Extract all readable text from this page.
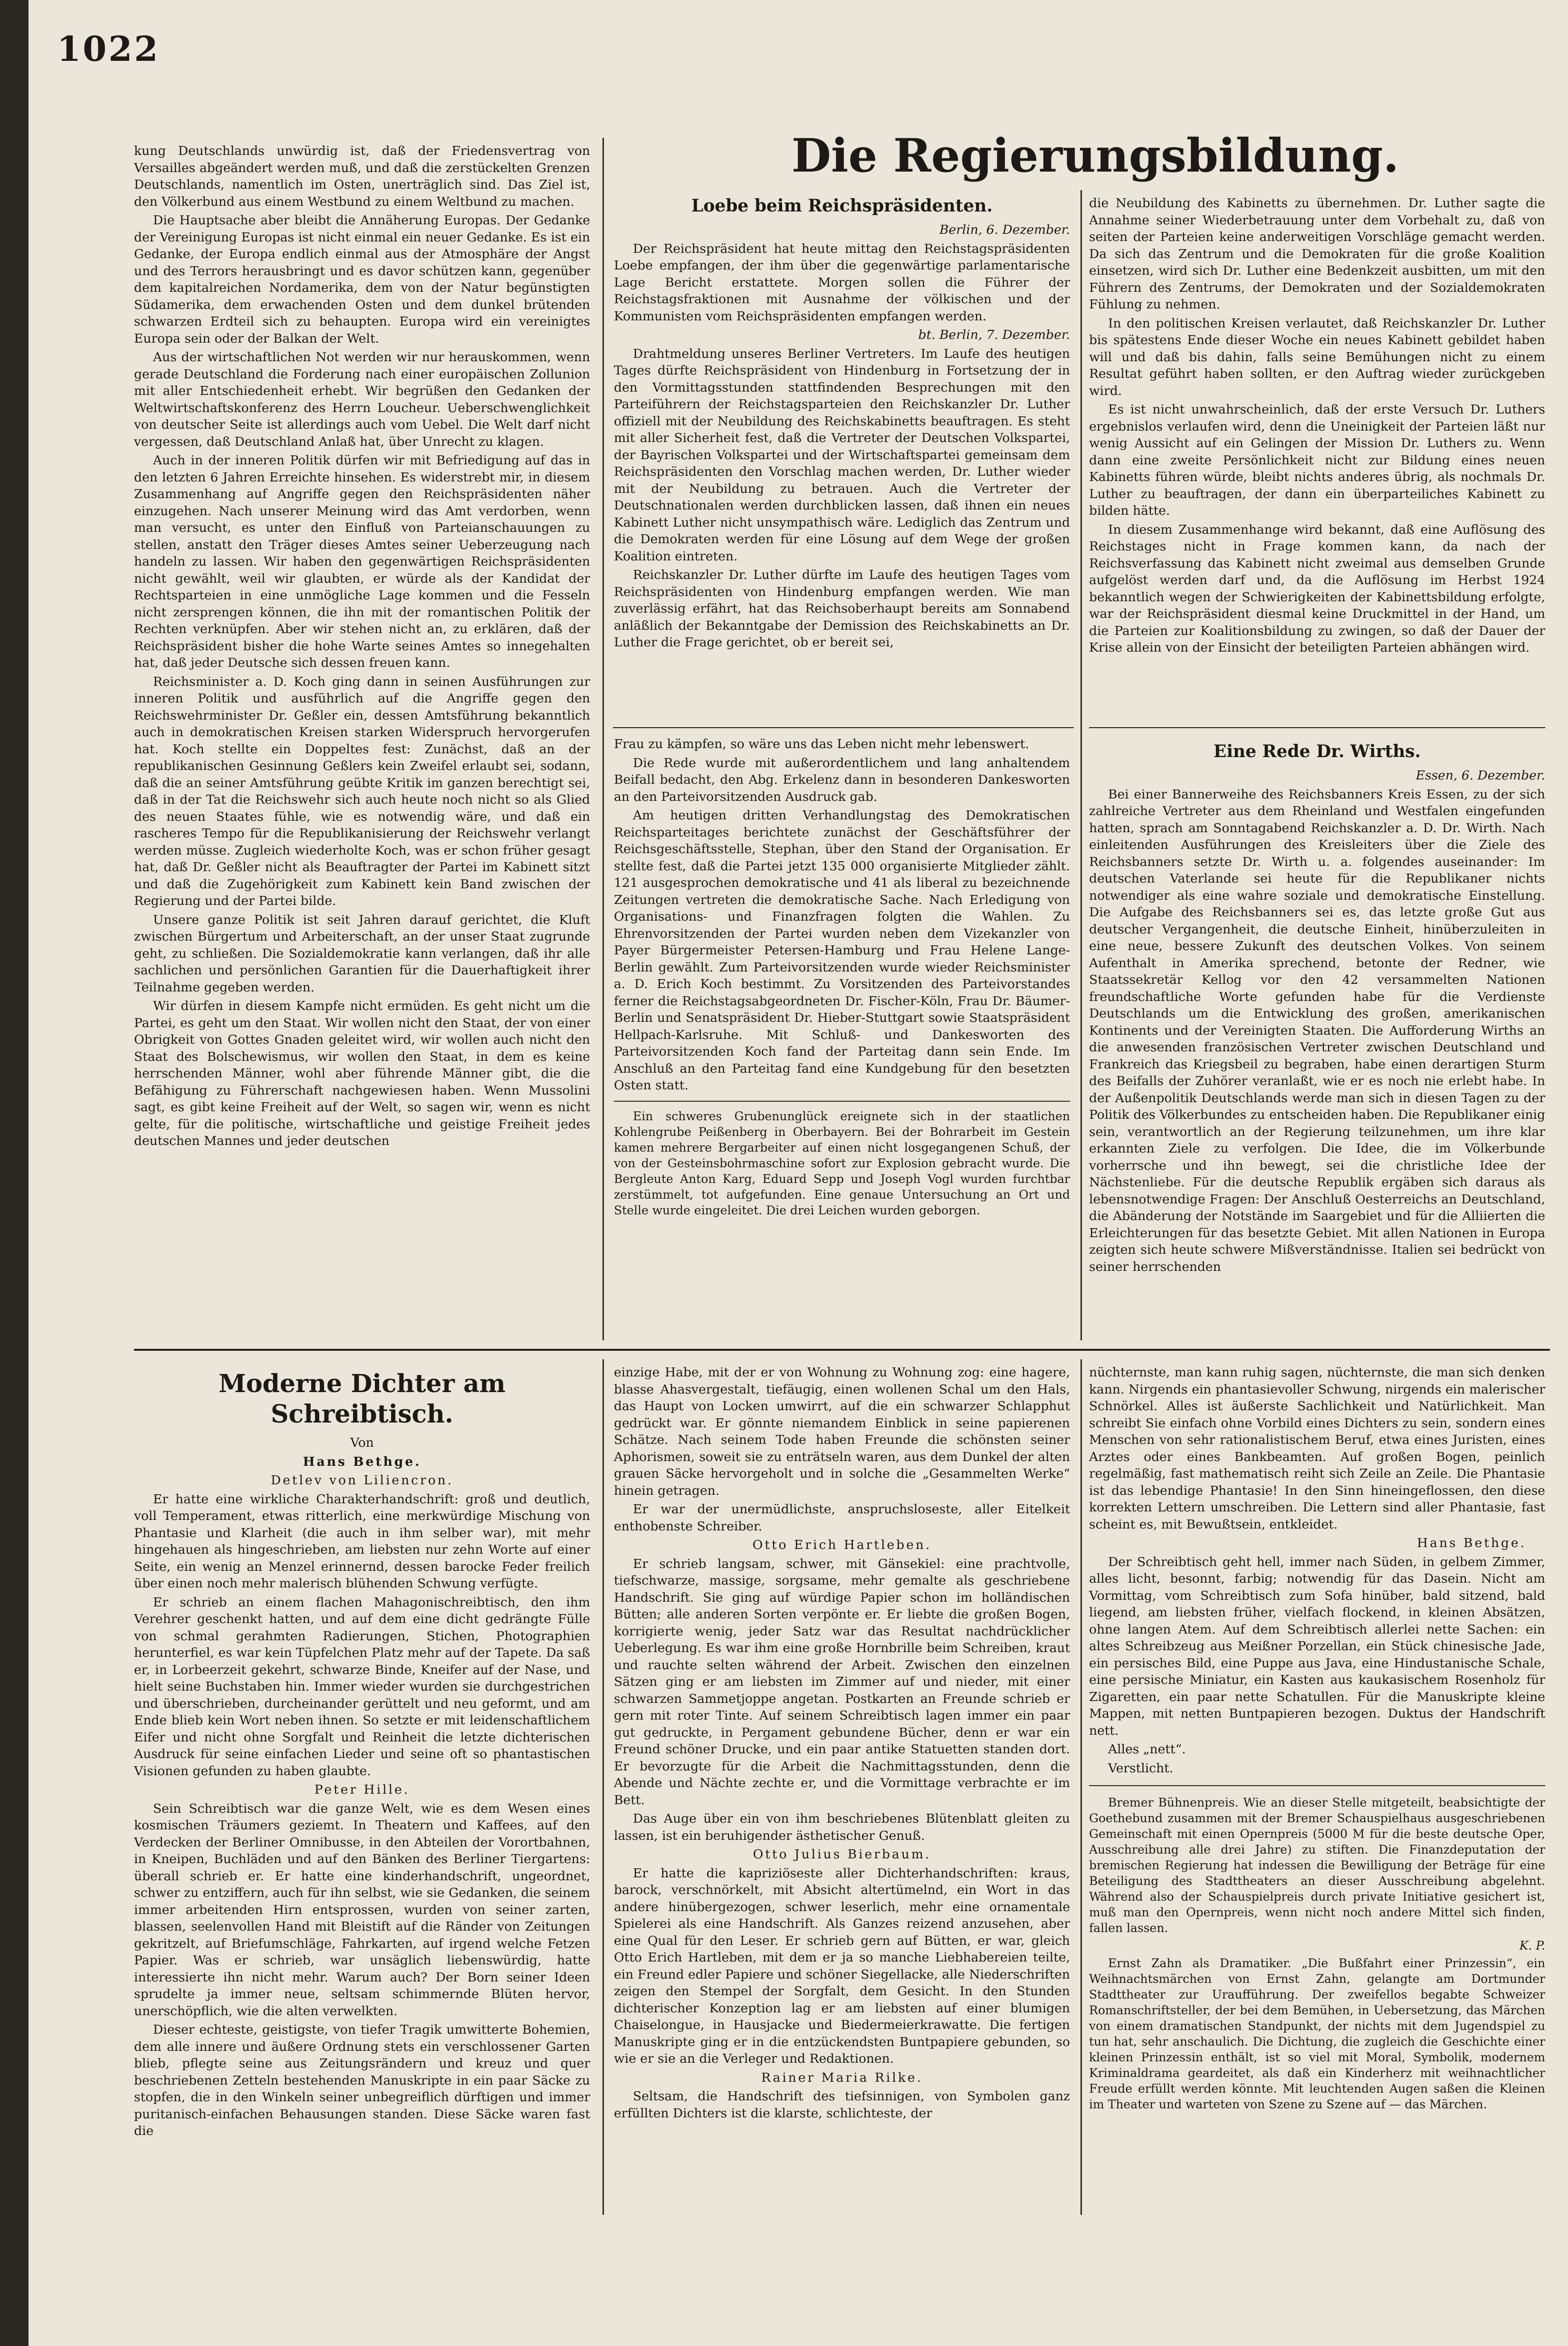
1022

kung Deutschlands unwürdig ist, daß der Friedensvertrag von Versailles abgeändert werden muß, und daß die zerstückelten Grenzen Deutschlands, namentlich im Osten, unerträglich sind. Das Ziel ist, den Völkerbund aus einem Westbund zu einem Weltbund zu machen.

Die Hauptsache aber bleibt die Annäherung Europas. Der Gedanke der Vereinigung Europas ist nicht einmal ein neuer Gedanke. Es ist ein Gedanke, der Europa endlich einmal aus der Atmosphäre der Angst und des Terrors herausbringt und es davor schützen kann, gegenüber dem kapitalreichen Nordamerika, dem von der Natur begünstigten Südamerika, dem erwachenden Osten und dem dunkel brütenden schwarzen Erdteil sich zu behaupten. Europa wird ein vereinigtes Europa sein oder der Balkan der Welt.

Aus der wirtschaftlichen Not werden wir nur herauskommen, wenn gerade Deutschland die Forderung nach einer europäischen Zollunion mit aller Entschiedenheit erhebt. Wir begrüßen den Gedanken der Weltwirtschaftskonferenz des Herrn Loucheur. Ueberschwenglichkeit von deutscher Seite ist allerdings auch vom Uebel. Die Welt darf nicht vergessen, daß Deutschland Anlaß hat, über Unrecht zu klagen.

Auch in der inneren Politik dürfen wir mit Befriedigung auf das in den letzten 6 Jahren Erreichte hinsehen. Es widerstrebt mir, in diesem Zusammenhang auf Angriffe gegen den Reichspräsidenten näher einzugehen. Nach unserer Meinung wird das Amt verdorben, wenn man versucht, es unter den Einfluß von Parteianschauungen zu stellen, anstatt den Träger dieses Amtes seiner Ueberzeugung nach handeln zu lassen. Wir haben den gegenwärtigen Reichspräsidenten nicht gewählt, weil wir glaubten, er würde als der Kandidat der Rechtsparteien in eine unmögliche Lage kommen und die Fesseln nicht zersprengen können, die ihn mit der romantischen Politik der Rechten verknüpfen. Aber wir stehen nicht an, zu erklären, daß der Reichspräsident bisher die hohe Warte seines Amtes so innegehalten hat, daß jeder Deutsche sich dessen freuen kann.

Reichsminister a. D. Koch ging dann in seinen Ausführungen zur inneren Politik und ausführlich auf die Angriffe gegen den Reichswehrminister Dr. Geßler ein, dessen Amtsführung bekanntlich auch in demokratischen Kreisen starken Widerspruch hervorgerufen hat. Koch stellte ein Doppeltes fest: Zunächst, daß an der republikanischen Gesinnung Geßlers kein Zweifel erlaubt sei, sodann, daß die an seiner Amtsführung geübte Kritik im ganzen berechtigt sei, daß in der Tat die Reichswehr sich auch heute noch nicht so als Glied des neuen Staates fühle, wie es notwendig wäre, und daß ein rascheres Tempo für die Republikanisierung der Reichswehr verlangt werden müsse. Zugleich wiederholte Koch, was er schon früher gesagt hat, daß Dr. Geßler nicht als Beauftragter der Partei im Kabinett sitzt und daß die Zugehörigkeit zum Kabinett kein Band zwischen der Regierung und der Partei bilde.

Unsere ganze Politik ist seit Jahren darauf gerichtet, die Kluft zwischen Bürgertum und Arbeiterschaft, an der unser Staat zugrunde geht, zu schließen. Die Sozialdemokratie kann verlangen, daß ihr alle sachlichen und persönlichen Garantien für die Dauerhaftigkeit ihrer Teilnahme gegeben werden.

Wir dürfen in diesem Kampfe nicht ermüden. Es geht nicht um die Partei, es geht um den Staat. Wir wollen nicht den Staat, der von einer Obrigkeit von Gottes Gnaden geleitet wird, wir wollen auch nicht den Staat des Bolschewismus, wir wollen den Staat, in dem es keine herrschenden Männer, wohl aber führende Männer gibt, die die Befähigung zu Führerschaft nachgewiesen haben. Wenn Mussolini sagt, es gibt keine Freiheit auf der Welt, so sagen wir, wenn es nicht gelte, für die politische, wirtschaftliche und geistige Freiheit jedes deutschen Mannes und jeder deutschen

Die Regierungsbildung.

Loebe beim Reichspräsidenten.

Berlin, 6. Dezember.

Der Reichspräsident hat heute mittag den Reichstagspräsidenten Loebe empfangen, der ihm über die gegenwärtige parlamentarische Lage Bericht erstattete. Morgen sollen die Führer der Reichstagsfraktionen mit Ausnahme der völkischen und der Kommunisten vom Reichspräsidenten empfangen werden.

bt. Berlin, 7. Dezember.

Drahtmeldung unseres Berliner Vertreters. Im Laufe des heutigen Tages dürfte Reichspräsident von Hindenburg in Fortsetzung der in den Vormittagsstunden stattfindenden Besprechungen mit den Parteiführern der Reichstagsparteien den Reichskanzler Dr. Luther offiziell mit der Neubildung des Reichskabinetts beauftragen. Es steht mit aller Sicherheit fest, daß die Vertreter der Deutschen Volkspartei, der Bayrischen Volkspartei und der Wirtschaftspartei gemeinsam dem Reichspräsidenten den Vorschlag machen werden, Dr. Luther wieder mit der Neubildung zu betrauen. Auch die Vertreter der Deutschnationalen werden durchblicken lassen, daß ihnen ein neues Kabinett Luther nicht unsympathisch wäre. Lediglich das Zentrum und die Demokraten werden für eine Lösung auf dem Wege der großen Koalition eintreten.

Reichskanzler Dr. Luther dürfte im Laufe des heutigen Tages vom Reichspräsidenten von Hindenburg empfangen werden. Wie man zuverlässig erfährt, hat das Reichsoberhaupt bereits am Sonnabend anläßlich der Bekanntgabe der Demission des Reichskabinetts an Dr. Luther die Frage gerichtet, ob er bereit sei,

die Neubildung des Kabinetts zu übernehmen. Dr. Luther sagte die Annahme seiner Wiederbetrauung unter dem Vorbehalt zu, daß von seiten der Parteien keine anderweitigen Vorschläge gemacht werden. Da sich das Zentrum und die Demokraten für die große Koalition einsetzen, wird sich Dr. Luther eine Bedenkzeit ausbitten, um mit den Führern des Zentrums, der Demokraten und der Sozialdemokraten Fühlung zu nehmen.

In den politischen Kreisen verlautet, daß Reichskanzler Dr. Luther bis spätestens Ende dieser Woche ein neues Kabinett gebildet haben will und daß bis dahin, falls seine Bemühungen nicht zu einem Resultat geführt haben sollten, er den Auftrag wieder zurückgeben wird.

Es ist nicht unwahrscheinlich, daß der erste Versuch Dr. Luthers ergebnislos verlaufen wird, denn die Uneinigkeit der Parteien läßt nur wenig Aussicht auf ein Gelingen der Mission Dr. Luthers zu. Wenn dann eine zweite Persönlichkeit nicht zur Bildung eines neuen Kabinetts führen würde, bleibt nichts anderes übrig, als nochmals Dr. Luther zu beauftragen, der dann ein überparteiliches Kabinett zu bilden hätte.

In diesem Zusammenhange wird bekannt, daß eine Auflösung des Reichstages nicht in Frage kommen kann, da nach der Reichsverfassung das Kabinett nicht zweimal aus demselben Grunde aufgelöst werden darf und, da die Auflösung im Herbst 1924 bekanntlich wegen der Schwierigkeiten der Kabinettsbildung erfolgte, war der Reichspräsident diesmal keine Druckmittel in der Hand, um die Parteien zur Koalitionsbildung zu zwingen, so daß der Dauer der Krise allein von der Einsicht der beteiligten Parteien abhängen wird.

Frau zu kämpfen, so wäre uns das Leben nicht mehr lebenswert.

Die Rede wurde mit außerordentlichem und lang anhaltendem Beifall bedacht, den Abg. Erkelenz dann in besonderen Dankesworten an den Parteivorsitzenden Ausdruck gab.

Am heutigen dritten Verhandlungstag des Demokratischen Reichsparteitages berichtete zunächst der Geschäftsführer der Reichsgeschäftsstelle, Stephan, über den Stand der Organisation. Er stellte fest, daß die Partei jetzt 135 000 organisierte Mitglieder zählt. 121 ausgesprochen demokratische und 41 als liberal zu bezeichnende Zeitungen vertreten die demokratische Sache. Nach Erledigung von Organisations- und Finanzfragen folgten die Wahlen. Zu Ehrenvorsitzenden der Partei wurden neben dem Vizekanzler von Payer Bürgermeister Petersen-Hamburg und Frau Helene Lange-Berlin gewählt. Zum Parteivorsitzenden wurde wieder Reichsminister a. D. Erich Koch bestimmt. Zu Vorsitzenden des Parteivorstandes ferner die Reichstagsabgeordneten Dr. Fischer-Köln, Frau Dr. Bäumer-Berlin und Senatspräsident Dr. Hieber-Stuttgart sowie Staatspräsident Hellpach-Karlsruhe. Mit Schluß- und Dankesworten des Parteivorsitzenden Koch fand der Parteitag dann sein Ende. Im Anschluß an den Parteitag fand eine Kundgebung für den besetzten Osten statt.

Ein schweres Grubenunglück ereignete sich in der staatlichen Kohlengrube Peißenberg in Oberbayern. Bei der Bohrarbeit im Gestein kamen mehrere Bergarbeiter auf einen nicht losgegangenen Schuß, der von der Gesteinsbohrmaschine sofort zur Explosion gebracht wurde. Die Bergleute Anton Karg, Eduard Sepp und Joseph Vogl wurden furchtbar zerstümmelt, tot aufgefunden. Eine genaue Untersuchung an Ort und Stelle wurde eingeleitet. Die drei Leichen wurden geborgen.

Eine Rede Dr. Wirths.

Essen, 6. Dezember.

Bei einer Bannerweihe des Reichsbanners Kreis Essen, zu der sich zahlreiche Vertreter aus dem Rheinland und Westfalen eingefunden hatten, sprach am Sonntagabend Reichskanzler a. D. Dr. Wirth. Nach einleitenden Ausführungen des Kreisleiters über die Ziele des Reichsbanners setzte Dr. Wirth u. a. folgendes auseinander: Im deutschen Vaterlande sei heute für die Republikaner nichts notwendiger als eine wahre soziale und demokratische Einstellung. Die Aufgabe des Reichsbanners sei es, das letzte große Gut aus deutscher Vergangenheit, die deutsche Einheit, hinüberzuleiten in eine neue, bessere Zukunft des deutschen Volkes. Von seinem Aufenthalt in Amerika sprechend, betonte der Redner, wie Staatssekretär Kellog vor den 42 versammelten Nationen freundschaftliche Worte gefunden habe für die Verdienste Deutschlands um die Entwicklung des großen, amerikanischen Kontinents und der Vereinigten Staaten. Die Aufforderung Wirths an die anwesenden französischen Vertreter zwischen Deutschland und Frankreich das Kriegsbeil zu begraben, habe einen derartigen Sturm des Beifalls der Zuhörer veranlaßt, wie er es noch nie erlebt habe. In der Außenpolitik Deutschlands werde man sich in diesen Tagen zu der Politik des Völkerbundes zu entscheiden haben. Die Republikaner einig sein, verantwortlich an der Regierung teilzunehmen, um ihre klar erkannten Ziele zu verfolgen. Die Idee, die im Völkerbunde vorherrsche und ihn bewegt, sei die christliche Idee der Nächstenliebe. Für die deutsche Republik ergäben sich daraus als lebensnotwendige Fragen: Der Anschluß Oesterreichs an Deutschland, die Abänderung der Notstände im Saargebiet und für die Alliierten die Erleichterungen für das besetzte Gebiet. Mit allen Nationen in Europa zeigten sich heute schwere Mißverständnisse. Italien sei bedrückt von seiner herrschenden

Moderne Dichter am Schreibtisch.

Von

Hans Bethge.

Detlev von Liliencron.

Er hatte eine wirkliche Charakterhandschrift: groß und deutlich, voll Temperament, etwas ritterlich, eine merkwürdige Mischung von Phantasie und Klarheit (die auch in ihm selber war), mit mehr hingehauen als hingeschrieben, am liebsten nur zehn Worte auf einer Seite, ein wenig an Menzel erinnernd, dessen barocke Feder freilich über einen noch mehr malerisch blühenden Schwung verfügte.

Er schrieb an einem flachen Mahagonischreibtisch, den ihm Verehrer geschenkt hatten, und auf dem eine dicht gedrängte Fülle von schmal gerahmten Radierungen, Stichen, Photographien herunterfiel, es war kein Tüpfelchen Platz mehr auf der Tapete. Da saß er, in Lorbeerzeit gekehrt, schwarze Binde, Kneifer auf der Nase, und hielt seine Buchstaben hin. Immer wieder wurden sie durchgestrichen und überschrieben, durcheinander gerüttelt und neu geformt, und am Ende blieb kein Wort neben ihnen. So setzte er mit leidenschaftlichem Eifer und nicht ohne Sorgfalt und Reinheit die letzte dichterischen Ausdruck für seine einfachen Lieder und seine oft so phantastischen Visionen gefunden zu haben glaubte.

Peter Hille.

Sein Schreibtisch war die ganze Welt, wie es dem Wesen eines kosmischen Träumers geziemt. In Theatern und Kaffees, auf den Verdecken der Berliner Omnibusse, in den Abteilen der Vorortbahnen, in Kneipen, Buchläden und auf den Bänken des Berliner Tiergartens: überall schrieb er. Er hatte eine kinderhandschrift, ungeordnet, schwer zu entziffern, auch für ihn selbst, wie sie Gedanken, die seinem immer arbeitenden Hirn entsprossen, wurden von seiner zarten, blassen, seelenvollen Hand mit Bleistift auf die Ränder von Zeitungen gekritzelt, auf Briefumschläge, Fahrkarten, auf irgend welche Fetzen Papier. Was er schrieb, war unsäglich liebenswürdig, hatte interessierte ihn nicht mehr. Warum auch? Der Born seiner Ideen sprudelte ja immer neue, seltsam schimmernde Blüten hervor, unerschöpflich, wie die alten verwelkten.

Dieser echteste, geistigste, von tiefer Tragik umwitterte Bohemien, dem alle innere und äußere Ordnung stets ein verschlossener Garten blieb, pflegte seine aus Zeitungsrändern und kreuz und quer beschriebenen Zetteln bestehenden Manuskripte in ein paar Säcke zu stopfen, die in den Winkeln seiner unbegreiflich dürftigen und immer puritanisch-einfachen Behausungen standen. Diese Säcke waren fast die

einzige Habe, mit der er von Wohnung zu Wohnung zog: eine hagere, blasse Ahasvergestalt, tiefäugig, einen wollenen Schal um den Hals, das Haupt von Locken umwirrt, auf die ein schwarzer Schlapphut gedrückt war. Er gönnte niemandem Einblick in seine papierenen Schätze. Nach seinem Tode haben Freunde die schönsten seiner Aphorismen, soweit sie zu enträtseln waren, aus dem Dunkel der alten grauen Säcke hervorgeholt und in solche die „Gesammelten Werke“ hinein getragen.

Er war der unermüdlichste, anspruchsloseste, aller Eitelkeit enthobenste Schreiber.

Otto Erich Hartleben.

Er schrieb langsam, schwer, mit Gänsekiel: eine prachtvolle, tiefschwarze, massige, sorgsame, mehr gemalte als geschriebene Handschrift. Sie ging auf würdige Papier schon im holländischen Bütten; alle anderen Sorten verpönte er. Er liebte die großen Bogen, korrigierte wenig, jeder Satz war das Resultat nachdrücklicher Ueberlegung. Es war ihm eine große Hornbrille beim Schreiben, kraut und rauchte selten während der Arbeit. Zwischen den einzelnen Sätzen ging er am liebsten im Zimmer auf und nieder, mit einer schwarzen Sammetjoppe angetan. Postkarten an Freunde schrieb er gern mit roter Tinte. Auf seinem Schreibtisch lagen immer ein paar gut gedruckte, in Pergament gebundene Bücher, denn er war ein Freund schöner Drucke, und ein paar antike Statuetten standen dort. Er bevorzugte für die Arbeit die Nachmittagsstunden, denn die Abende und Nächte zechte er, und die Vormittage verbrachte er im Bett.

Das Auge über ein von ihm beschriebenes Blütenblatt gleiten zu lassen, ist ein beruhigender ästhetischer Genuß.

Otto Julius Bierbaum.

Er hatte die kapriziöseste aller Dichterhandschriften: kraus, barock, verschnörkelt, mit Absicht altertümelnd, ein Wort in das andere hinübergezogen, schwer leserlich, mehr eine ornamentale Spielerei als eine Handschrift. Als Ganzes reizend anzusehen, aber eine Qual für den Leser. Er schrieb gern auf Bütten, er war, gleich Otto Erich Hartleben, mit dem er ja so manche Liebhabereien teilte, ein Freund edler Papiere und schöner Siegellacke, alle Niederschriften zeigen den Stempel der Sorgfalt, dem Gesicht. In den Stunden dichterischer Konzeption lag er am liebsten auf einer blumigen Chaiselongue, in Hausjacke und Biedermeierkrawatte. Die fertigen Manuskripte ging er in die entzückendsten Buntpapiere gebunden, so wie er sie an die Verleger und Redaktionen.

Rainer Maria Rilke.

Seltsam, die Handschrift des tiefsinnigen, von Symbolen ganz erfüllten Dichters ist die klarste, schlichteste, der

nüchternste, man kann ruhig sagen, nüchternste, die man sich denken kann. Nirgends ein phantasievoller Schwung, nirgends ein malerischer Schnörkel. Alles ist äußerste Sachlichkeit und Natürlichkeit. Man schreibt Sie einfach ohne Vorbild eines Dichters zu sein, sondern eines Menschen von sehr rationalistischem Beruf, etwa eines Juristen, eines Arztes oder eines Bankbeamten. Auf großen Bogen, peinlich regelmäßig, fast mathematisch reiht sich Zeile an Zeile. Die Phantasie ist das lebendige Phantasie! In den Sinn hineingeflossen, den diese korrekten Lettern umschreiben. Die Lettern sind aller Phantasie, fast scheint es, mit Bewußtsein, entkleidet.

Hans Bethge.

Der Schreibtisch geht hell, immer nach Süden, in gelbem Zimmer, alles licht, besonnt, farbig; notwendig für das Dasein. Nicht am Vormittag, vom Schreibtisch zum Sofa hinüber, bald sitzend, bald liegend, am liebsten früher, vielfach flockend, in kleinen Absätzen, ohne langen Atem. Auf dem Schreibtisch allerlei nette Sachen: ein altes Schreibzeug aus Meißner Porzellan, ein Stück chinesische Jade, ein persisches Bild, eine Puppe aus Java, eine Hindustanische Schale, eine persische Miniatur, ein Kasten aus kaukasischem Rosenholz für Zigaretten, ein paar nette Schatullen. Für die Manuskripte kleine Mappen, mit netten Buntpapieren bezogen. Duktus der Handschrift nett.

Alles „nett“.

Verstlicht.

Bremer Bühnenpreis. Wie an dieser Stelle mitgeteilt, beabsichtigte der Goethebund zusammen mit der Bremer Schauspielhaus ausgeschriebenen Gemeinschaft mit einen Opernpreis (5000 M für die beste deutsche Oper, Ausschreibung alle drei Jahre) zu stiften. Die Finanzdeputation der bremischen Regierung hat indessen die Bewilligung der Beträge für eine Beteiligung des Stadttheaters an dieser Ausschreibung abgelehnt. Während also der Schauspielpreis durch private Initiative gesichert ist, muß man den Opernpreis, wenn nicht noch andere Mittel sich finden, fallen lassen.

K. P.

Ernst Zahn als Dramatiker. „Die Bußfahrt einer Prinzessin“, ein Weihnachtsmärchen von Ernst Zahn, gelangte am Dortmunder Stadttheater zur Uraufführung. Der zweifellos begabte Schweizer Romanschriftsteller, der bei dem Bemühen, in Uebersetzung, das Märchen von einem dramatischen Standpunkt, der nichts mit dem Jugendspiel zu tun hat, sehr anschaulich. Die Dichtung, die zugleich die Geschichte einer kleinen Prinzessin enthält, ist so viel mit Moral, Symbolik, modernem Kriminaldrama geardeitet, als daß ein Kinderherz mit weihnachtlicher Freude erfüllt werden könnte. Mit leuchtenden Augen saßen die Kleinen im Theater und warteten von Szene zu Szene auf — das Märchen.
